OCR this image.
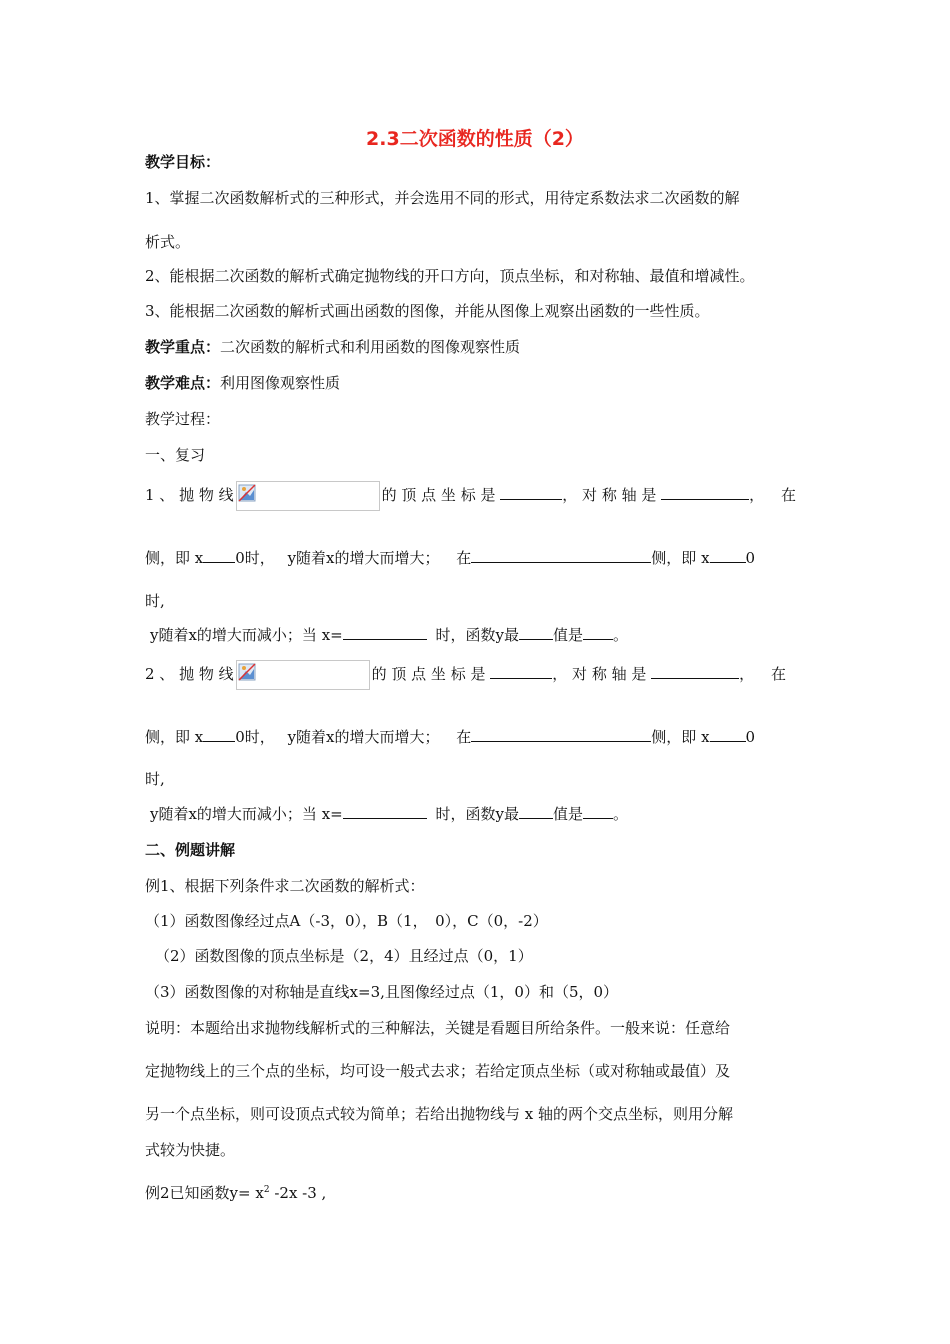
2.3二次函数的性质（2）
教学目标：
1、掌握二次函数解析式的三种形式，并会选用不同的形式，用待定系数法求二次函数的解
析式。
2、能根据二次函数的解析式确定抛物线的开口方向，顶点坐标，和对称轴、最值和增减性。
3、能根据二次函数的解析式画出函数的图像，并能从图像上观察出函数的一些性质。
教学重点：二次函数的解析式和利用函数的图像观察性质
教学难点：利用图像观察性质
教学过程：
一、复习
1 、 抛 物 线	的 顶 点 坐 标 是	， 对 称 轴 是	， 在
侧，即 x 0时， y随着x的增大而增大； 在	侧，即 x 0
时,
y随着x的增大而减小；当 x=	时，函数y最 值是 。
2 、 抛 物 线	的 顶 点 坐 标 是	， 对 称 轴 是	， 在
侧，即 x 0时， y随着x的增大而增大； 在	侧，即 x 0
时,
y随着x的增大而减小；当 x=	时，函数y最 值是 。
二、例题讲解
例1、根据下列条件求二次函数的解析式：
（1）函数图像经过点A（-3，0），B（1，　0），C（0，-2）
（2）函数图像的顶点坐标是（2，4）且经过点（0，1）
（3）函数图像的对称轴是直线x=3,且图像经过点（1，0）和（5，0）
说明：本题给出求抛物线解析式的三种解法，关键是看题目所给条件。一般来说：任意给
定抛物线上的三个点的坐标，均可设一般式去求；若给定顶点坐标（或对称轴或最值）及
另一个点坐标，则可设顶点式较为简单；若给出抛物线与 x 轴的两个交点坐标，则用分解
式较为快捷。
例2已知函数$y= x^2$ -2x -3 ,
